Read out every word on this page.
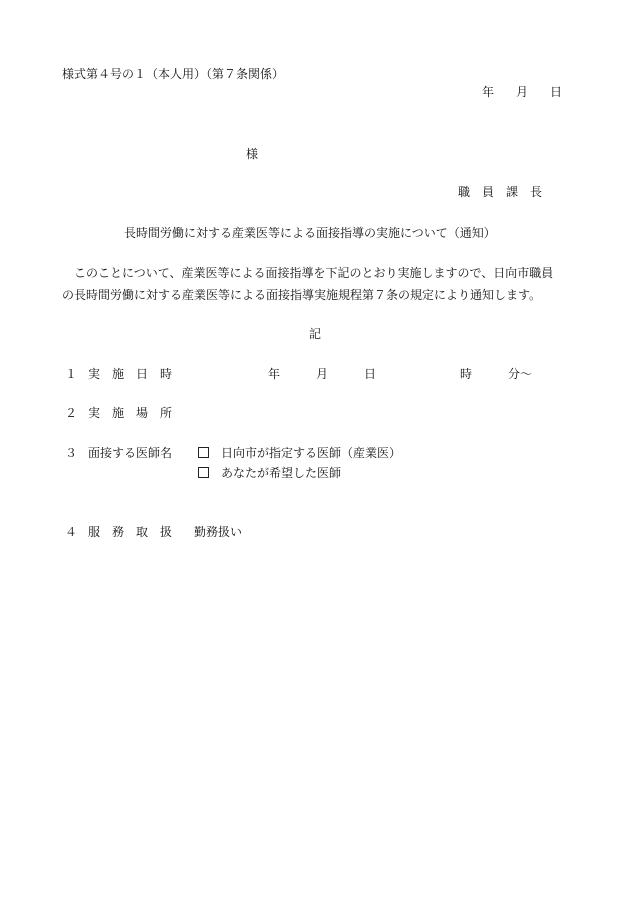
様式第４号の１（本人用）（第７条関係）
年 月 日
様
職　員　課　長
長時間労働に対する産業医等による面接指導の実施について（通知）
このことについて、産業医等による面接指導を下記のとおり実施しますので、日向市職員
の長時間労働に対する産業医等による面接指導実施規程第７条の規定により通知します。
記
１ 実　施　日　時	年　　　月　　　日　　　　　　　時　　　分～
２ 実　施　場　所
３ 面接する医師名	日向市が指定する医師（産業医）
あなたが希望した医師
４ 服　務　取　扱 勤務扱い
